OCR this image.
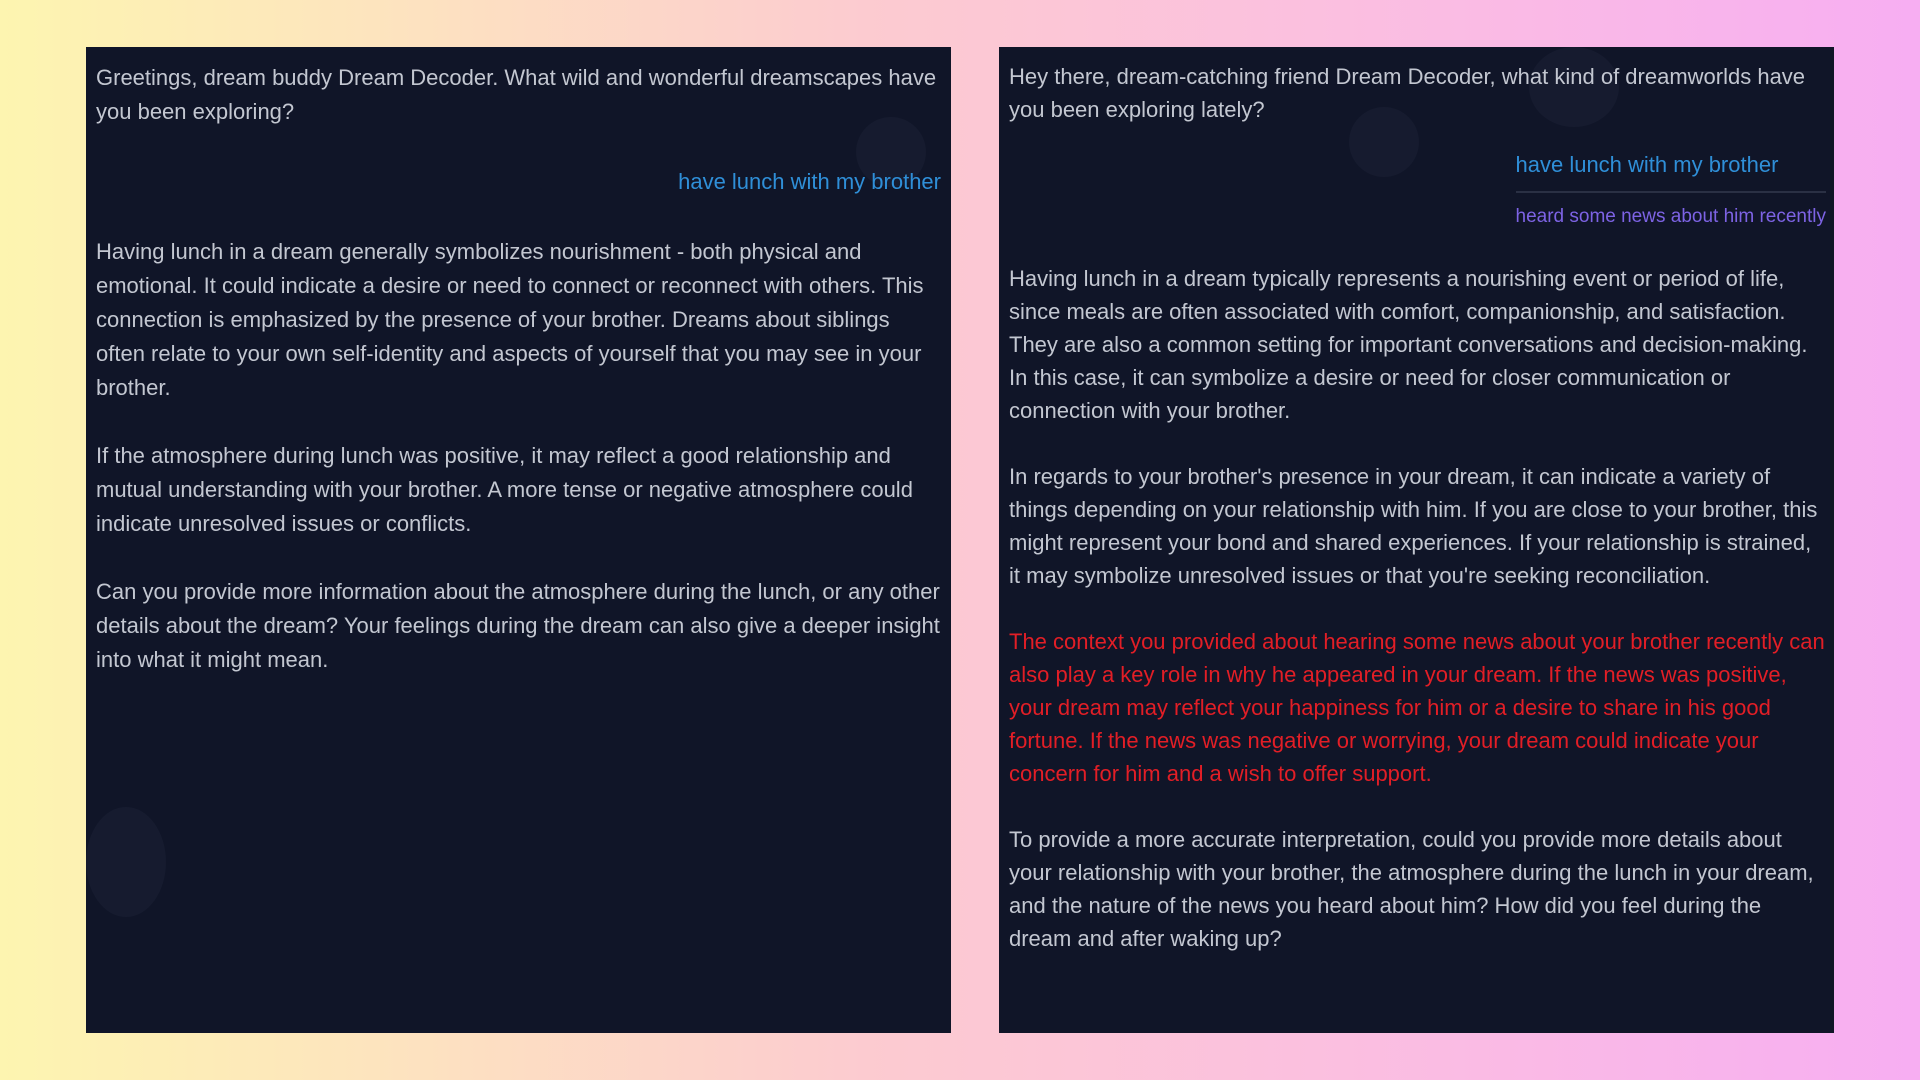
Greetings, dream buddy Dream Decoder. What wild and wonderful dreamscapes have you been exploring?

have lunch with my brother

Having lunch in a dream generally symbolizes nourishment - both physical and emotional. It could indicate a desire or need to connect or reconnect with others. This connection is emphasized by the presence of your brother. Dreams about siblings often relate to your own self-identity and aspects of yourself that you may see in your brother.

If the atmosphere during lunch was positive, it may reflect a good relationship and mutual understanding with your brother. A more tense or negative atmosphere could indicate unresolved issues or conflicts.

Can you provide more information about the atmosphere during the lunch, or any other details about the dream? Your feelings during the dream can also give a deeper insight into what it might mean.

Hey there, dream-catching friend Dream Decoder, what kind of dreamworlds have you been exploring lately?

have lunch with my brother
heard some news about him recently

Having lunch in a dream typically represents a nourishing event or period of life, since meals are often associated with comfort, companionship, and satisfaction. They are also a common setting for important conversations and decision-making. In this case, it can symbolize a desire or need for closer communication or connection with your brother.

In regards to your brother's presence in your dream, it can indicate a variety of things depending on your relationship with him. If you are close to your brother, this might represent your bond and shared experiences. If your relationship is strained, it may symbolize unresolved issues or that you're seeking reconciliation.

The context you provided about hearing some news about your brother recently can also play a key role in why he appeared in your dream. If the news was positive, your dream may reflect your happiness for him or a desire to share in his good fortune. If the news was negative or worrying, your dream could indicate your concern for him and a wish to offer support.

To provide a more accurate interpretation, could you provide more details about your relationship with your brother, the atmosphere during the lunch in your dream, and the nature of the news you heard about him? How did you feel during the dream and after waking up?
